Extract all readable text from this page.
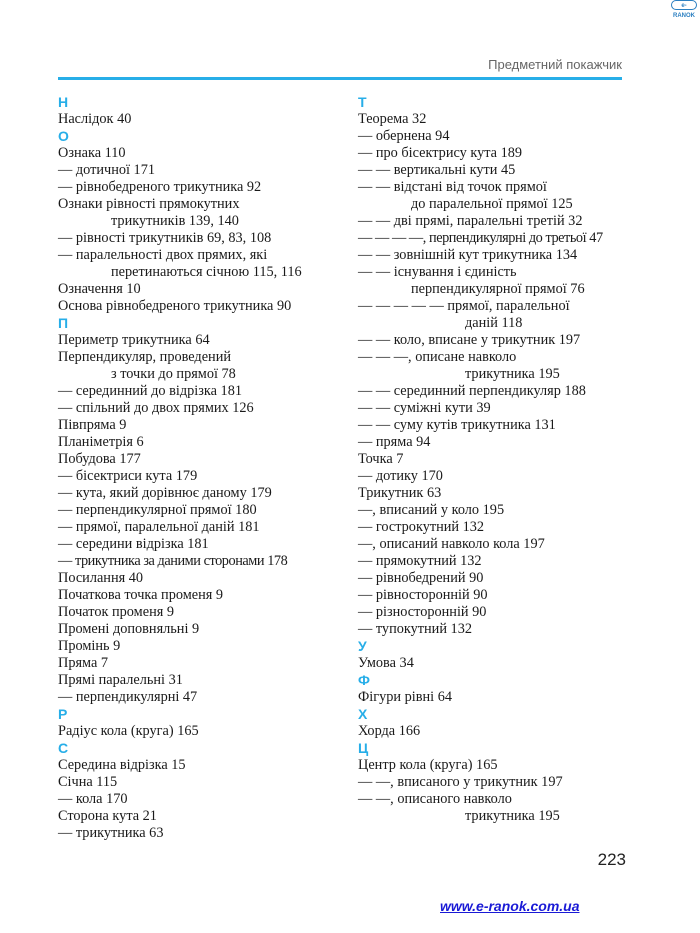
e-RANOK
Предметний покажчик
Н
Наслідок 40
О
Ознака 110
— дотичної 171
— рівнобедреного трикутника 92
Ознаки рівності прямокутних
трикутників 139, 140
— рівності трикутників 69, 83, 108
— паралельності двох прямих, які
перетинаються січною 115, 116
Означення 10
Основа рівнобедреного трикутника 90
П
Периметр трикутника 64
Перпендикуляр, проведений
з точки до прямої 78
— серединний до відрізка 181
— спільний до двох прямих 126
Півпряма 9
Планіметрія 6
Побудова 177
— бісектриси кута 179
— кута, який дорівнює даному 179
— перпендикулярної прямої 180
— прямої, паралельної даній 181
— середини відрізка 181
— трикутника за даними сторонами 178
Посилання 40
Початкова точка променя 9
Початок променя 9
Промені доповняльні 9
Промінь 9
Пряма 7
Прямі паралельні 31
— перпендикулярні 47
Р
Радіус кола (круга) 165
С
Середина відрізка 15
Січна 115
— кола 170
Сторона кута 21
— трикутника 63
Т
Теорема 32
— обернена 94
— про бісектрису кута 189
— — вертикальні кути 45
— — відстані від точок прямої
до паралельної прямої 125
— — дві прямі, паралельні третій 32
— — — —, перпендикулярні до третьої 47
— — зовнішній кут трикутника 134
— — існування і єдиність
перпендикулярної прямої 76
— — — — — прямої, паралельної
даній 118
— — коло, вписане у трикутник 197
— — —, описане навколо
трикутника 195
— — серединний перпендикуляр 188
— — суміжні кути 39
— — суму кутів трикутника 131
— пряма 94
Точка 7
— дотику 170
Трикутник 63
—, вписаний у коло 195
— гострокутний 132
—, описаний навколо кола 197
— прямокутний 132
— рівнобедрений 90
— рівносторонній 90
— різносторонній 90
— тупокутний 132
У
Умова 34
Ф
Фігури рівні 64
Х
Хорда 166
Ц
Центр кола (круга) 165
— —, вписаного у трикутник 197
— —, описаного навколо
трикутника 195
223
www.e-ranok.com.ua
